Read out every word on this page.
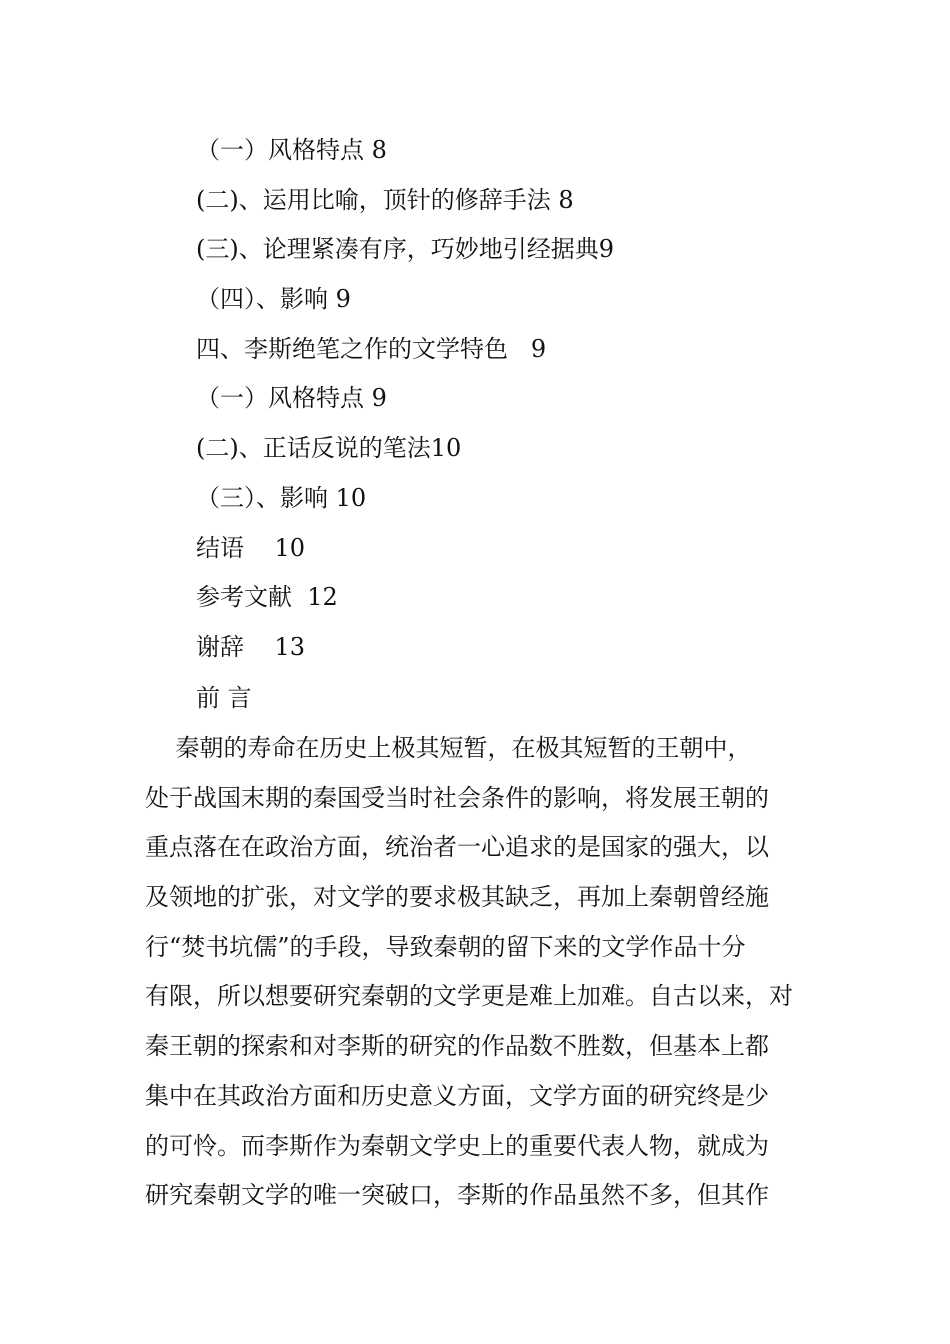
（一）风格特点 8
(二)、运用比喻，顶针的修辞手法 8
(三)、论理紧凑有序，巧妙地引经据典9
（四）、影响 9
四、李斯绝笔之作的文学特色   9
（一）风格特点 9
(二)、正话反说的笔法10
（三）、影响 10
结语    10
参考文献  12
谢辞    13
前 言
秦朝的寿命在历史上极其短暂，在极其短暂的王朝中，
处于战国末期的秦国受当时社会条件的影响，将发展王朝的
重点落在在政治方面，统治者一心追求的是国家的强大，以
及领地的扩张，对文学的要求极其缺乏，再加上秦朝曾经施
行“焚书坑儒”的手段，导致秦朝的留下来的文学作品十分
有限，所以想要研究秦朝的文学更是难上加难。自古以来，对
秦王朝的探索和对李斯的研究的作品数不胜数，但基本上都
集中在其政治方面和历史意义方面，文学方面的研究终是少
的可怜。而李斯作为秦朝文学史上的重要代表人物，就成为
研究秦朝文学的唯一突破口，李斯的作品虽然不多，但其作
